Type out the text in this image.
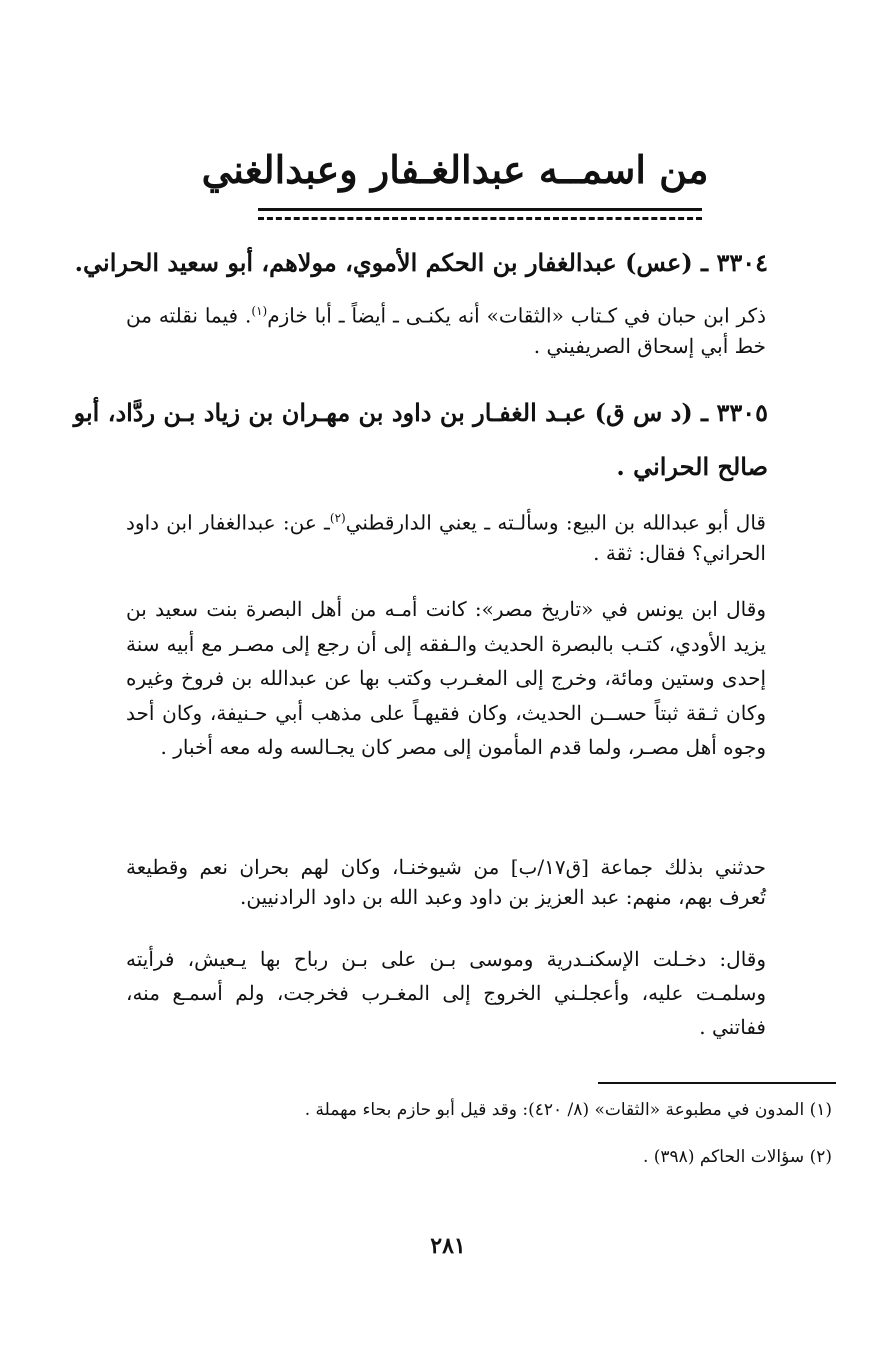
من اسمــه عبدالغـفار وعبدالغني
٣٣٠٤ ـ (عس) عبدالغفار بن الحكم الأموي، مولاهم، أبو سعيد الحراني.
ذكر ابن حبان في كـتاب «الثقات» أنه يكنـى ـ أيضاً ـ أبا خازم$^{(١)}$. فيما نقلته من خط أبي إسحاق الصريفيني .
٣٣٠٥ ـ (د س ق) عبـد الغفـار بن داود بن مهـران بن زياد بـن ردَّاد، أبو
صالح الحراني .
قال أبو عبدالله بن البيع: وسألـته ـ يعني الدارقطني$^{(٢)}$ـ عن: عبدالغفار ابن داود الحراني؟ فقال: ثقة .
وقال ابن يونس في «تاريخ مصر»: كانت أمـه من أهل البصرة بنت سعيد بن يزيد الأودي، كتـب بالبصرة الحديث والـفقه إلى أن رجع إلى مصـر مع أبيه سنة إحدى وستين ومائة، وخرج إلى المغـرب وكتب بها عن عبدالله بن فروخ وغيره وكان ثـقة ثبتاً حســن الحديث، وكان فقيهـاً على مذهب أبي حـنيفة، وكان أحد وجوه أهل مصـر، ولما قدم المأمون إلى مصر كان يجـالسه وله معه أخبار .
حدثني بذلك جماعة [ق١٧/ب] من شيوخنـا، وكان لهم بحران نعم وقطيعة تُعرف بهم، منهم: عبد العزيز بن داود وعبد الله بن داود الرادنيين.
وقال: دخـلت الإسكنـدرية وموسى بـن على بـن رباح بها يـعيش، فرأيته وسلمـت عليه، وأعجلـني الخروج إلى المغـرب فخرجت، ولم أسمـع منه، ففاتني .
(١) المدون في مطبوعة «الثقات» (٨/ ٤٢٠): وقد قيل أبو حازم بحاء مهملة .
(٢) سؤالات الحاكم (٣٩٨) .
٢٨١
